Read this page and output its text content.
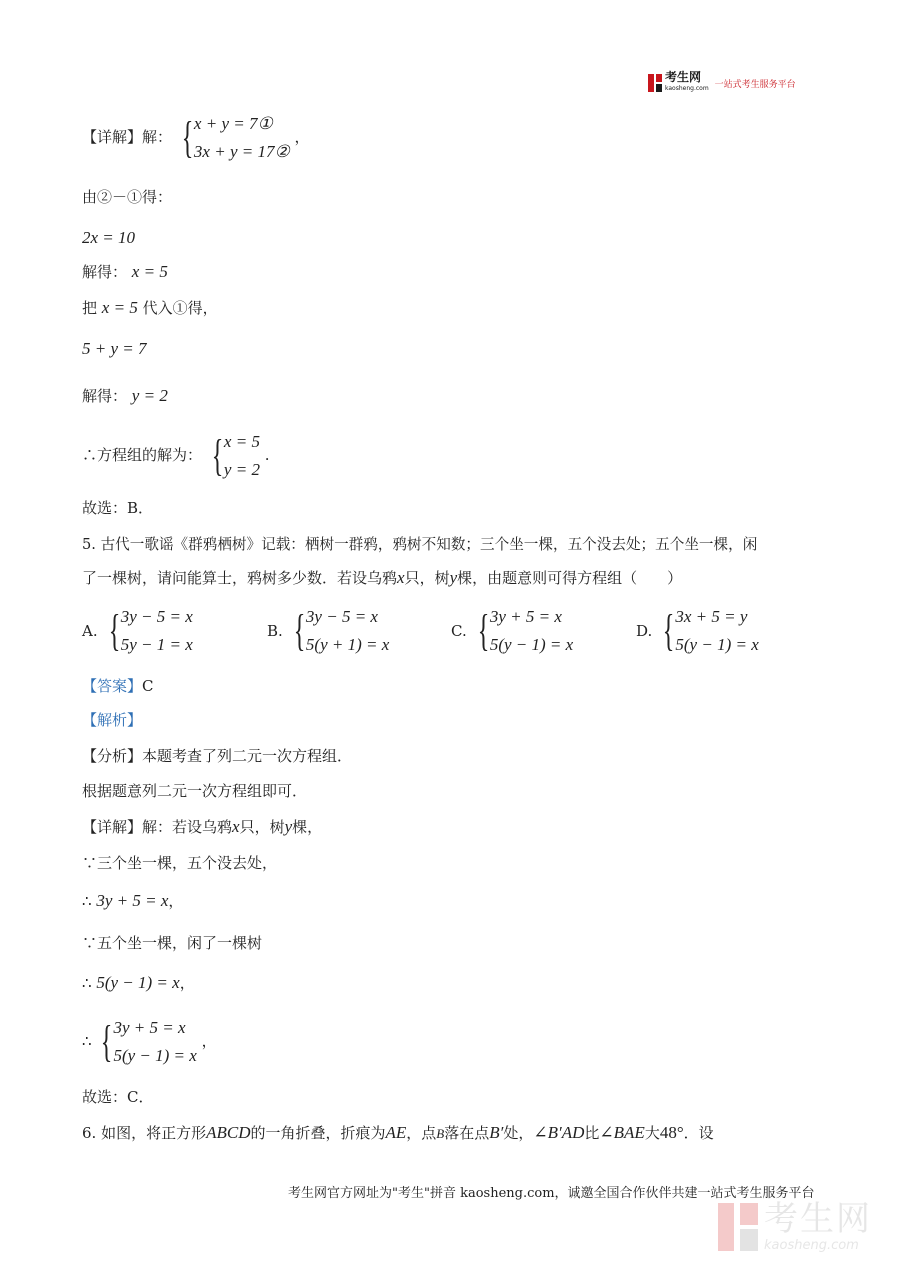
考生网
kaosheng.com 一站式考生服务平台
【详解】解： { x + y = 7①
3x + y = 17②
，
由②－①得：
2x = 10
解得： x = 5
把 x = 5 代入①得，
5 + y = 7
解得： y = 2
∴方程组的解为： { x = 5
y = 2
.
故选：B．
5. 古代一歌谣《群鸦栖树》记载：栖树一群鸦，鸦树不知数；三个坐一棵，五个没去处；五个坐一棵，闲
了一棵树，请问能算士，鸦树多少数．若设乌鸦x只，树y棵，由题意则可得方程组（　　）
A. { 3y − 5 = x
5y − 1 = x
B. { 3y − 5 = x
5(y + 1) = x
C. { 3y + 5 = x
5(y − 1) = x
D. { 3x + 5 = y
5(y − 1) = x
【答案】C
【解析】
【分析】本题考查了列二元一次方程组．
根据题意列二元一次方程组即可．
【详解】解：若设乌鸦x只，树y棵，
∵三个坐一棵，五个没去处，
∴ 3y + 5 = x，
∵五个坐一棵，闲了一棵树
∴ 5(y − 1) = x，
∴ { 3y + 5 = x
5(y − 1) = x
，
故选：C．
6. 如图，将正方形ABCD的一角折叠，折痕为AE，点B落在点B′处，∠B′AD比∠BAE大48°．设
考生网官方网址为"考生"拼音 kaosheng.com，诚邀全国合作伙伴共建一站式考生服务平台
考生网
kaosheng.com
